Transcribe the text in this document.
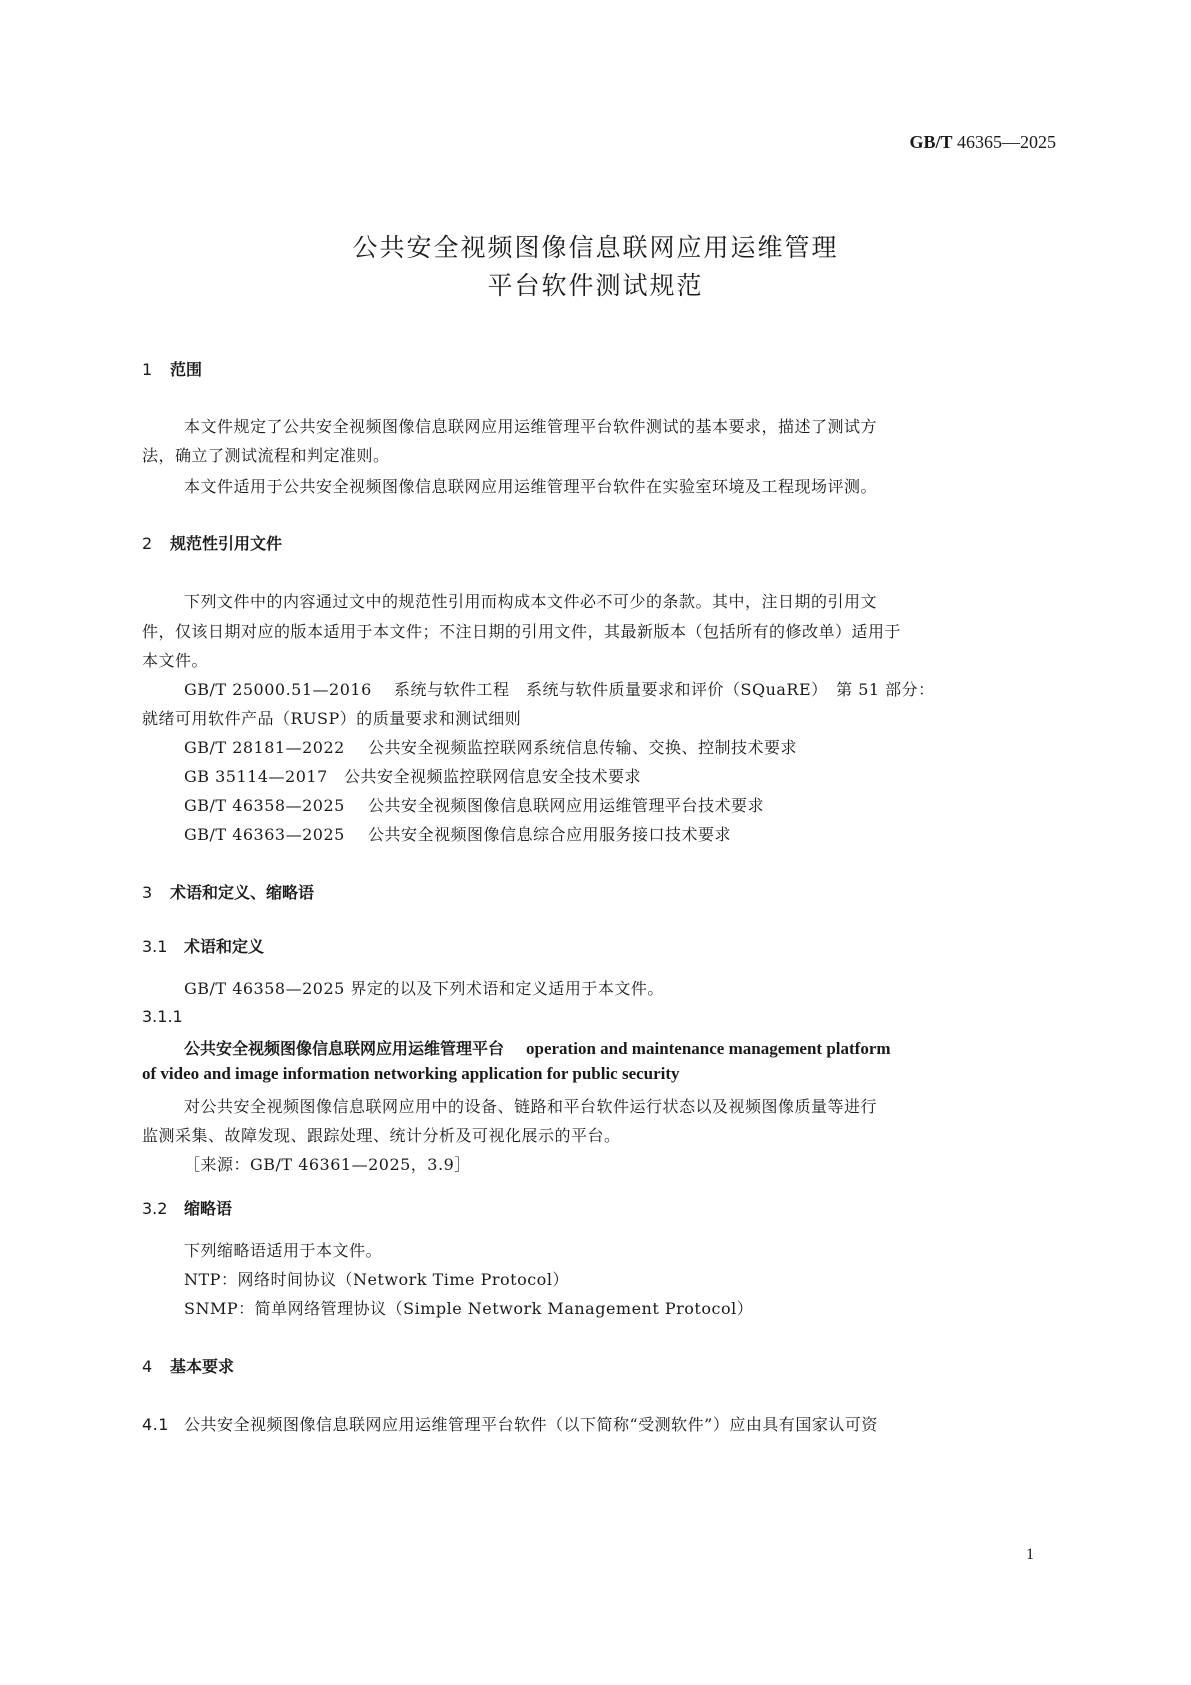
GB/T 46365—2025
公共安全视频图像信息联网应用运维管理
平台软件测试规范
1 范围
本文件规定了公共安全视频图像信息联网应用运维管理平台软件测试的基本要求，描述了测试方
法，确立了测试流程和判定准则。
本文件适用于公共安全视频图像信息联网应用运维管理平台软件在实验室环境及工程现场评测。
2 规范性引用文件
下列文件中的内容通过文中的规范性引用而构成本文件必不可少的条款。其中，注日期的引用文
件，仅该日期对应的版本适用于本文件；不注日期的引用文件，其最新版本（包括所有的修改单）适用于
本文件。
GB/T 25000.51—2016 系统与软件工程　系统与软件质量要求和评价（SQuaRE）　第 51 部分：
就绪可用软件产品（RUSP）的质量要求和测试细则
GB/T 28181—2022 公共安全视频监控联网系统信息传输、交换、控制技术要求
GB 35114—2017 公共安全视频监控联网信息安全技术要求
GB/T 46358—2025 公共安全视频图像信息联网应用运维管理平台技术要求
GB/T 46363—2025 公共安全视频图像信息综合应用服务接口技术要求
3 术语和定义、缩略语
3.1 术语和定义
GB/T 46358—2025 界定的以及下列术语和定义适用于本文件。
3.1.1
公共安全视频图像信息联网应用运维管理平台 operation and maintenance management platform
of video and image information networking application for public security
对公共安全视频图像信息联网应用中的设备、链路和平台软件运行状态以及视频图像质量等进行
监测采集、故障发现、跟踪处理、统计分析及可视化展示的平台。
［来源：GB/T 46361—2025，3.9］
3.2 缩略语
下列缩略语适用于本文件。
NTP：网络时间协议（Network Time Protocol）
SNMP：简单网络管理协议（Simple Network Management Protocol）
4 基本要求
4.1 公共安全视频图像信息联网应用运维管理平台软件（以下简称“受测软件”）应由具有国家认可资
1
